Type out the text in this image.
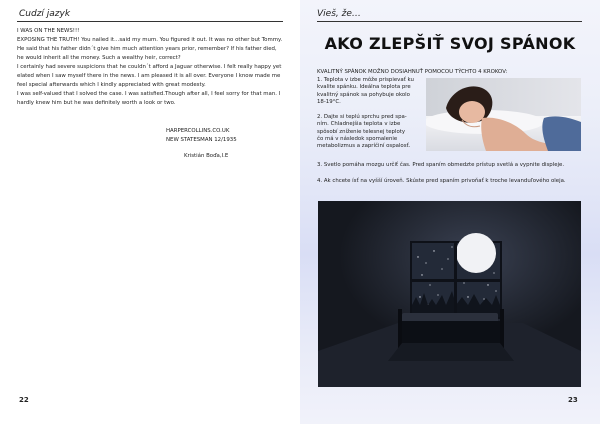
Cudzí jazyk
I WAS ON THE NEWS!!!
EXPOSING THE TRUTH! You nailed it…said my mum. You figured it out. It was no other but Tommy. He said that his father didn´t give him much attention years prior, remember? If his father died, he would inherit all the money. Such a wealthy heir, correct?
I certainly had severe suspicions that he couldn´t afford a Jaguar otherwise. I felt really happy yet elated when I saw myself there in the news. I am pleased it is all over. Everyone I know made me feel special afterwards which I kindly appreciated with great modesty.
I was self-valued that I solved the case. I was satisfied.Though after all, I feel sorry for that man. I hardly knew him but he was definitely worth a look or two.
HARPERCOLLINS.CO.UK
NEW STATESMAN 12/1935
Kristián Boďa,I.E
22
Vieš, že…
AKO ZLEPŠIŤ SVOJ SPÁNOK
KVALITNÝ SPÁNOK MOŽNO DOSIAHNUŤ POMOCOU TÝCHTO 4 KROKOV:
1. Teplota v izbe môže prispievať ku
kvalite spánku. Ideálna teplota pre
kvalitný spánok sa pohybuje okolo
18-19°C.
2. Dajte si teplú sprchu pred spa-
ním. Chladnejšia teplota v izbe
spôsobí zníženie telesnej teploty
čo má v následok spomalenie
metabolizmus a zapríčiní ospalosť.
3. Svetlo pomáha mozgu určiť čas. Pred spaním obmedzte prístup svetlá a vypnite displeje.
4. Ak chcete ísť na vyšší úroveň. Skúste pred spaním privoňať k troche levanduľového oleja.
23
